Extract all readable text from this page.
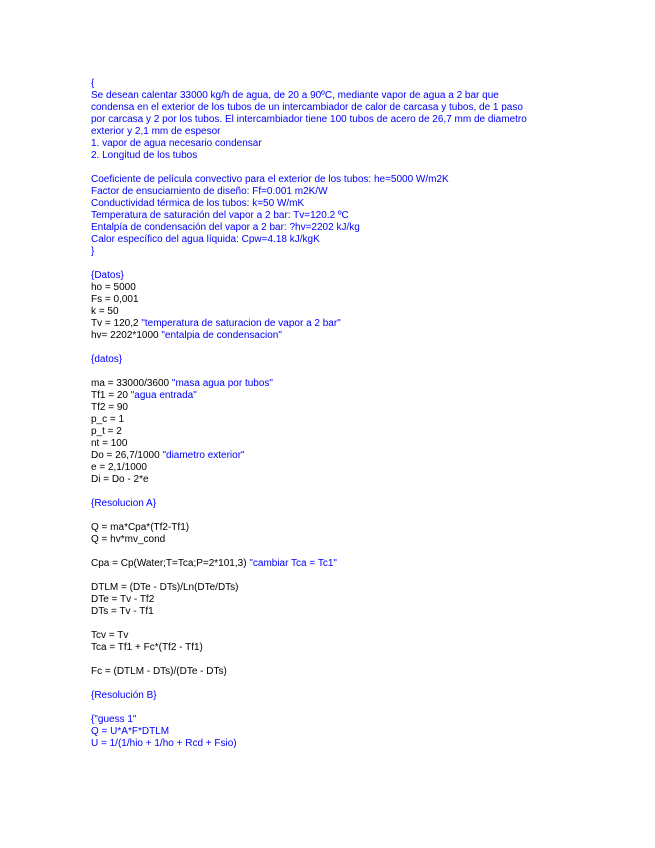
{
Se desean calentar 33000 kg/h de agua, de 20 a 90ºC, mediante vapor de agua a 2 bar que
condensa en el exterior de los tubos de un intercambiador de calor de carcasa y tubos, de 1 paso
por carcasa y 2 por los tubos. El intercambiador tiene 100 tubos de acero de 26,7 mm de diametro
exterior y 2,1 mm de espesor
1. vapor de agua necesario condensar
2. Longitud de los tubos
Coeficiente de película convectivo para el exterior de los tubos: he=5000 W/m2K
Factor de ensuciamiento de diseño: Ff=0.001 m2K/W
Conductividad térmica de los tubos: k=50 W/mK
Temperatura de saturación del vapor a 2 bar: Tv=120.2 ºC
Entalpía de condensación del vapor a 2 bar: ?hv=2202 kJ/kg
Calor específico del agua líquida: Cpw=4.18 kJ/kgK
}
{Datos}
ho = 5000
Fs = 0,001
k = 50
Tv = 120,2 "temperatura de saturacion de vapor a 2 bar"
hv= 2202*1000 "entalpia de condensacion"
{datos}
ma = 33000/3600 "masa agua por tubos"
Tf1 = 20 "agua entrada"
Tf2 = 90
p_c = 1
p_t = 2
nt = 100
Do = 26,7/1000 "diametro exterior"
e = 2,1/1000
Di = Do - 2*e
{Resolucion A}
Q = ma*Cpa*(Tf2-Tf1)
Q = hv*mv_cond
Cpa = Cp(Water;T=Tca;P=2*101,3) "cambiar Tca = Tc1"
DTLM = (DTe - DTs)/Ln(DTe/DTs)
DTe = Tv - Tf2
DTs = Tv - Tf1
Tcv = Tv
Tca = Tf1 + Fc*(Tf2 - Tf1)
Fc = (DTLM - DTs)/(DTe - DTs)
{Resolución B}
{"guess 1"
Q = U*A*F*DTLM
U = 1/(1/hio + 1/ho + Rcd + Fsio)
